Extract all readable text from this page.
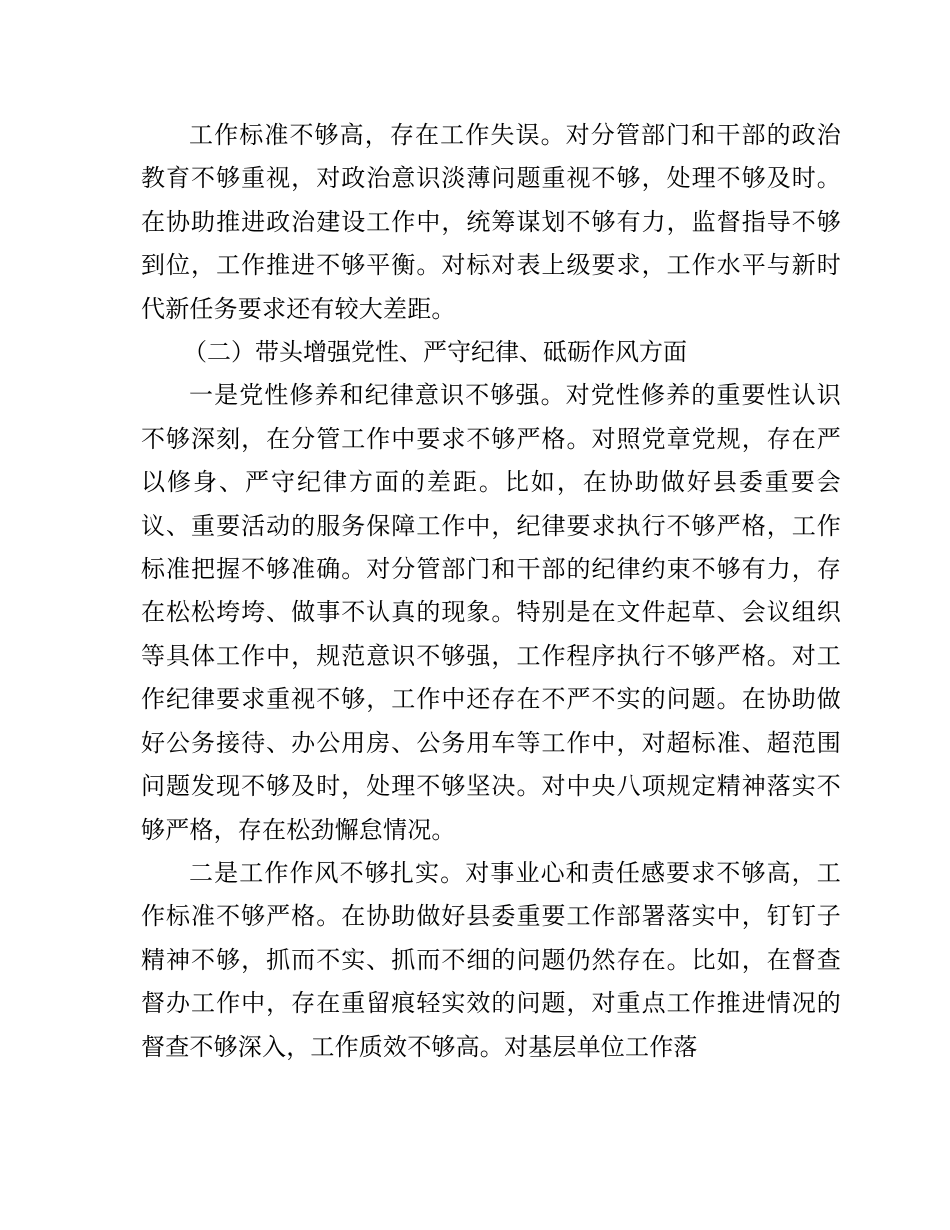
工作标准不够高，存在工作失误。对分管部门和干部的政治教育不够重视，对政治意识淡薄问题重视不够，处理不够及时。在协助推进政治建设工作中，统筹谋划不够有力，监督指导不够到位，工作推进不够平衡。对标对表上级要求，工作水平与新时代新任务要求还有较大差距。

（二）带头增强党性、严守纪律、砥砺作风方面

一是党性修养和纪律意识不够强。对党性修养的重要性认识不够深刻，在分管工作中要求不够严格。对照党章党规，存在严以修身、严守纪律方面的差距。比如，在协助做好县委重要会议、重要活动的服务保障工作中，纪律要求执行不够严格，工作标准把握不够准确。对分管部门和干部的纪律约束不够有力，存在松松垮垮、做事不认真的现象。特别是在文件起草、会议组织等具体工作中，规范意识不够强，工作程序执行不够严格。对工作纪律要求重视不够，工作中还存在不严不实的问题。在协助做好公务接待、办公用房、公务用车等工作中，对超标准、超范围问题发现不够及时，处理不够坚决。对中央八项规定精神落实不够严格，存在松劲懈怠情况。

二是工作作风不够扎实。对事业心和责任感要求不够高，工作标准不够严格。在协助做好县委重要工作部署落实中，钉钉子精神不够，抓而不实、抓而不细的问题仍然存在。比如，在督查督办工作中，存在重留痕轻实效的问题，对重点工作推进情况的督查不够深入，工作质效不够高。对基层单位工作落
